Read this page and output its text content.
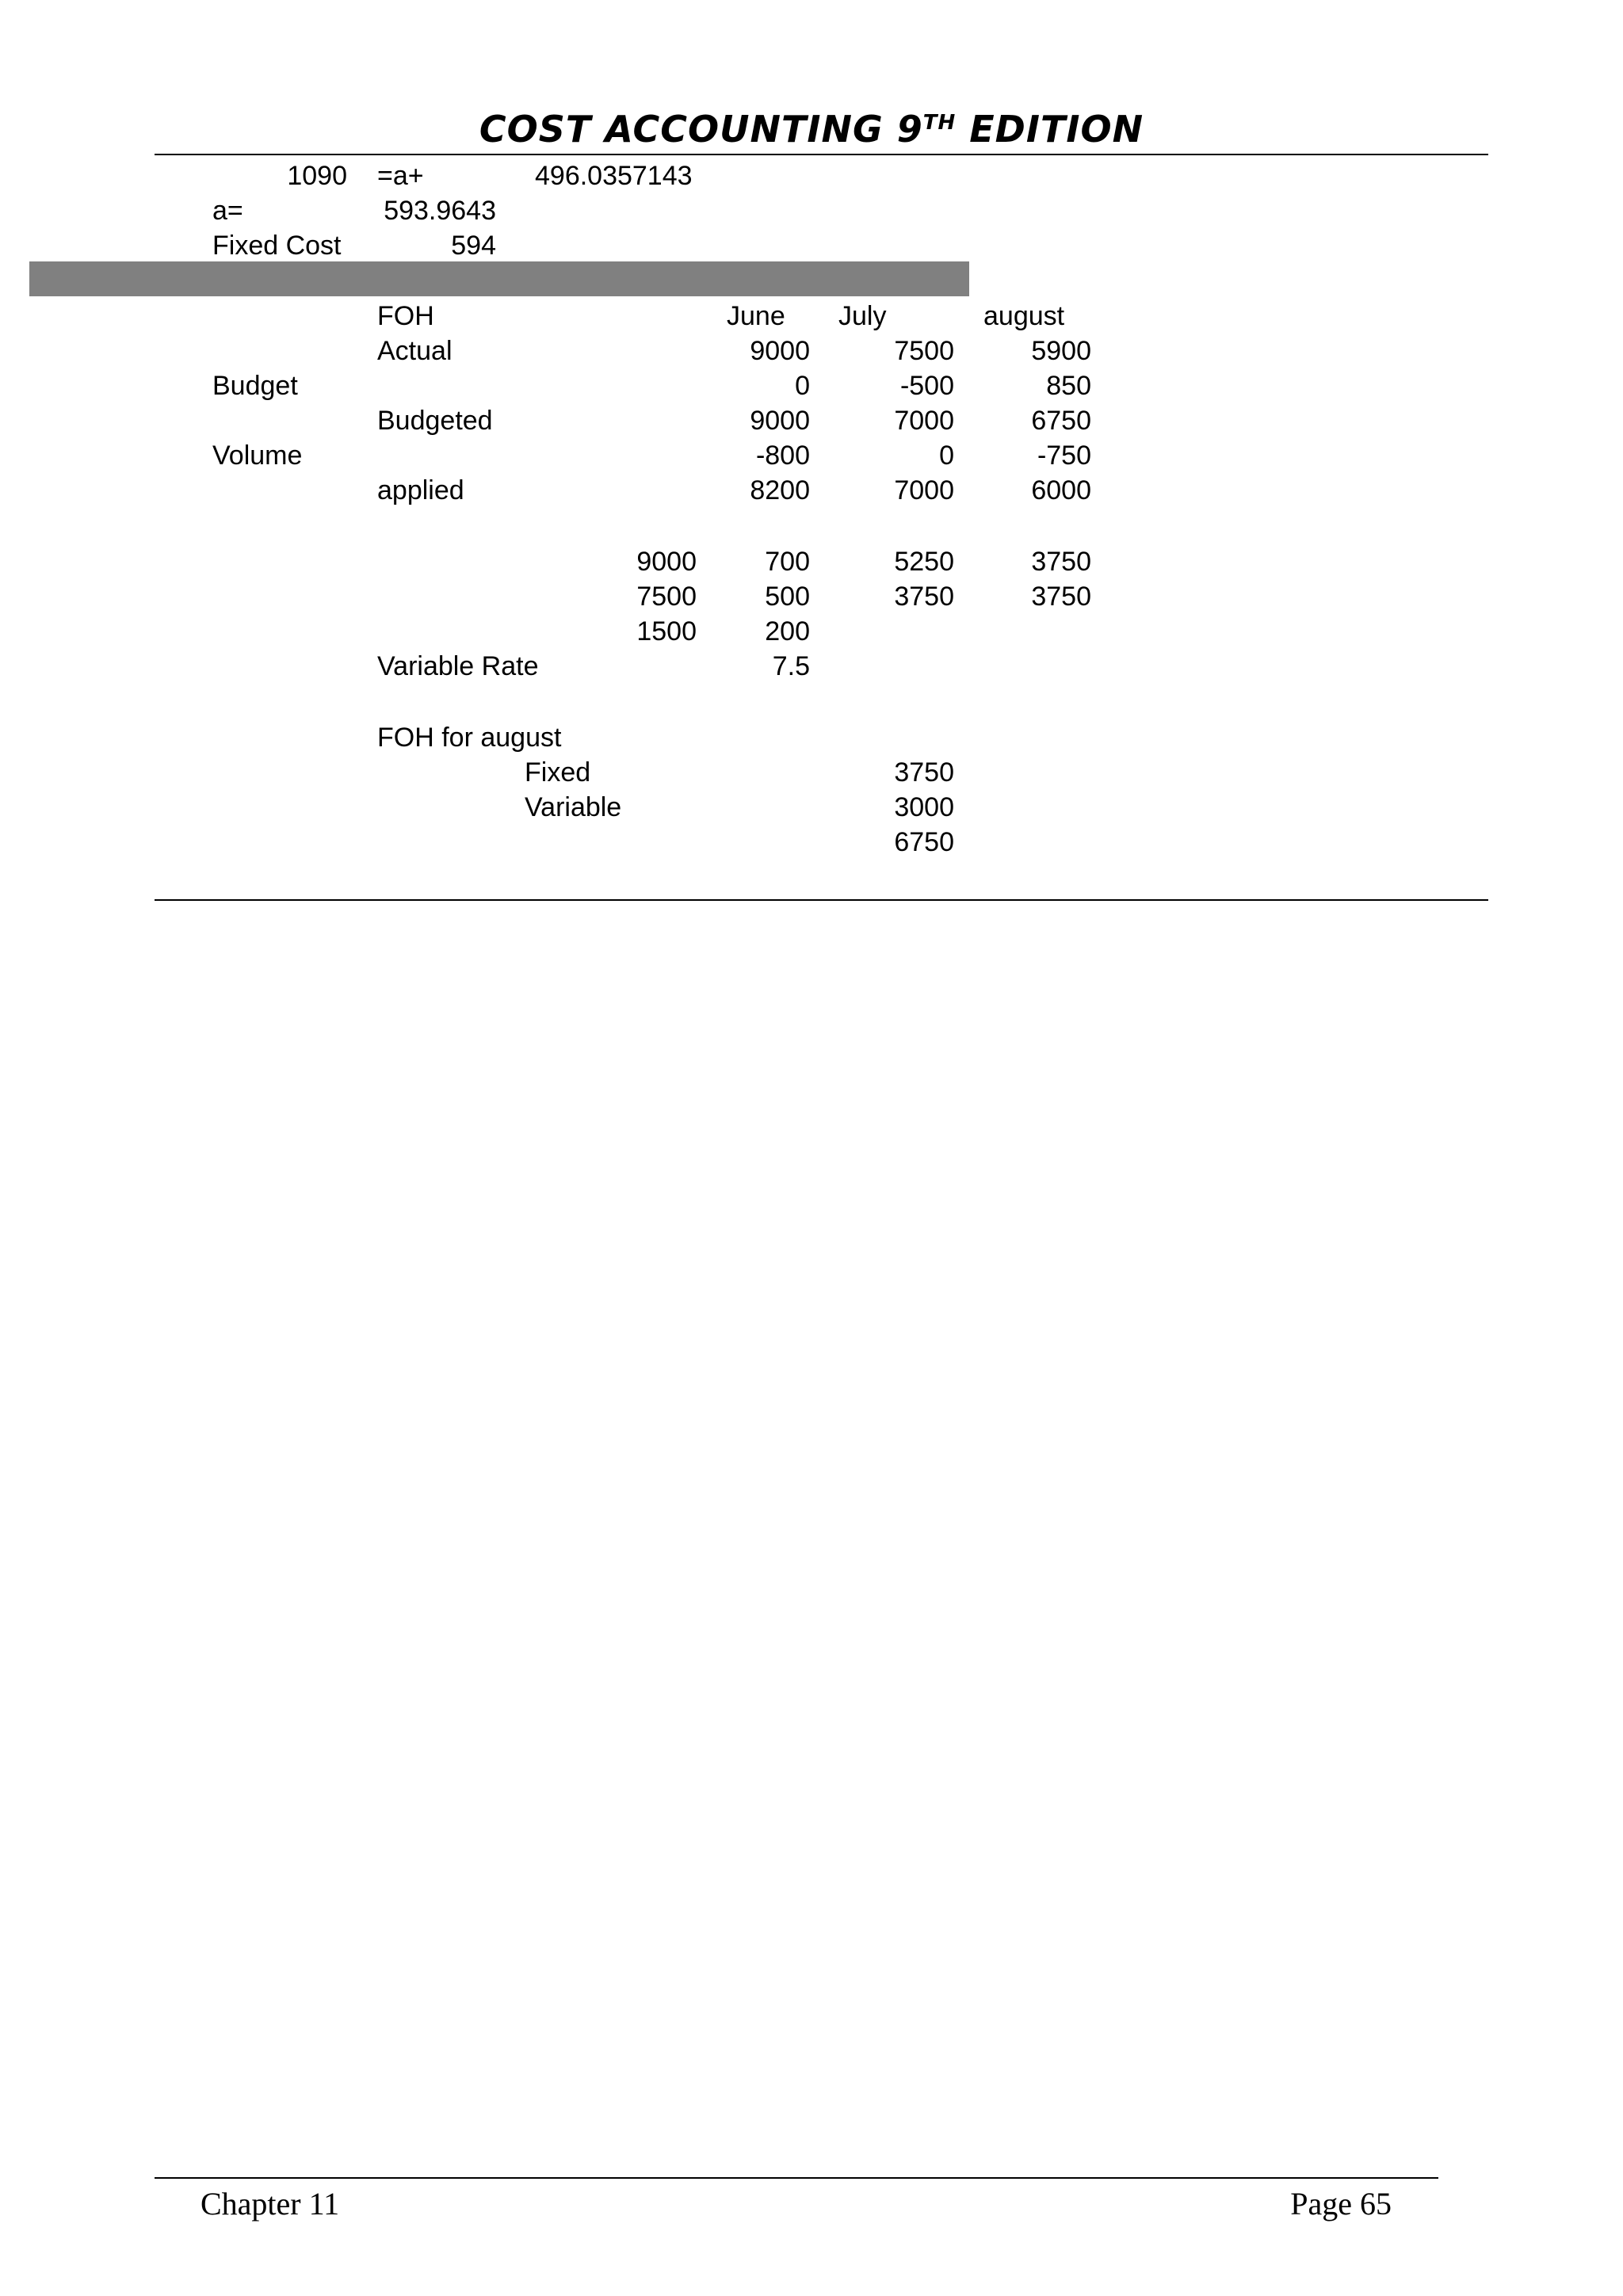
COST ACCOUNTING 9TH EDITION
1090 =a+	496.0357143
a=	593.9643
Fixed Cost	594
FOH	June July	august
Actual	9000	7500	5900
Budget	0	-500	850
Budgeted	9000	7000	6750
Volume	-800	0	-750
applied	8200	7000	6000
9000	700	5250	3750
7500	500	3750	3750
1500	200
Variable Rate	7.5
FOH for august
Fixed	3750
Variable	3000
6750
Chapter 11	Page 65
